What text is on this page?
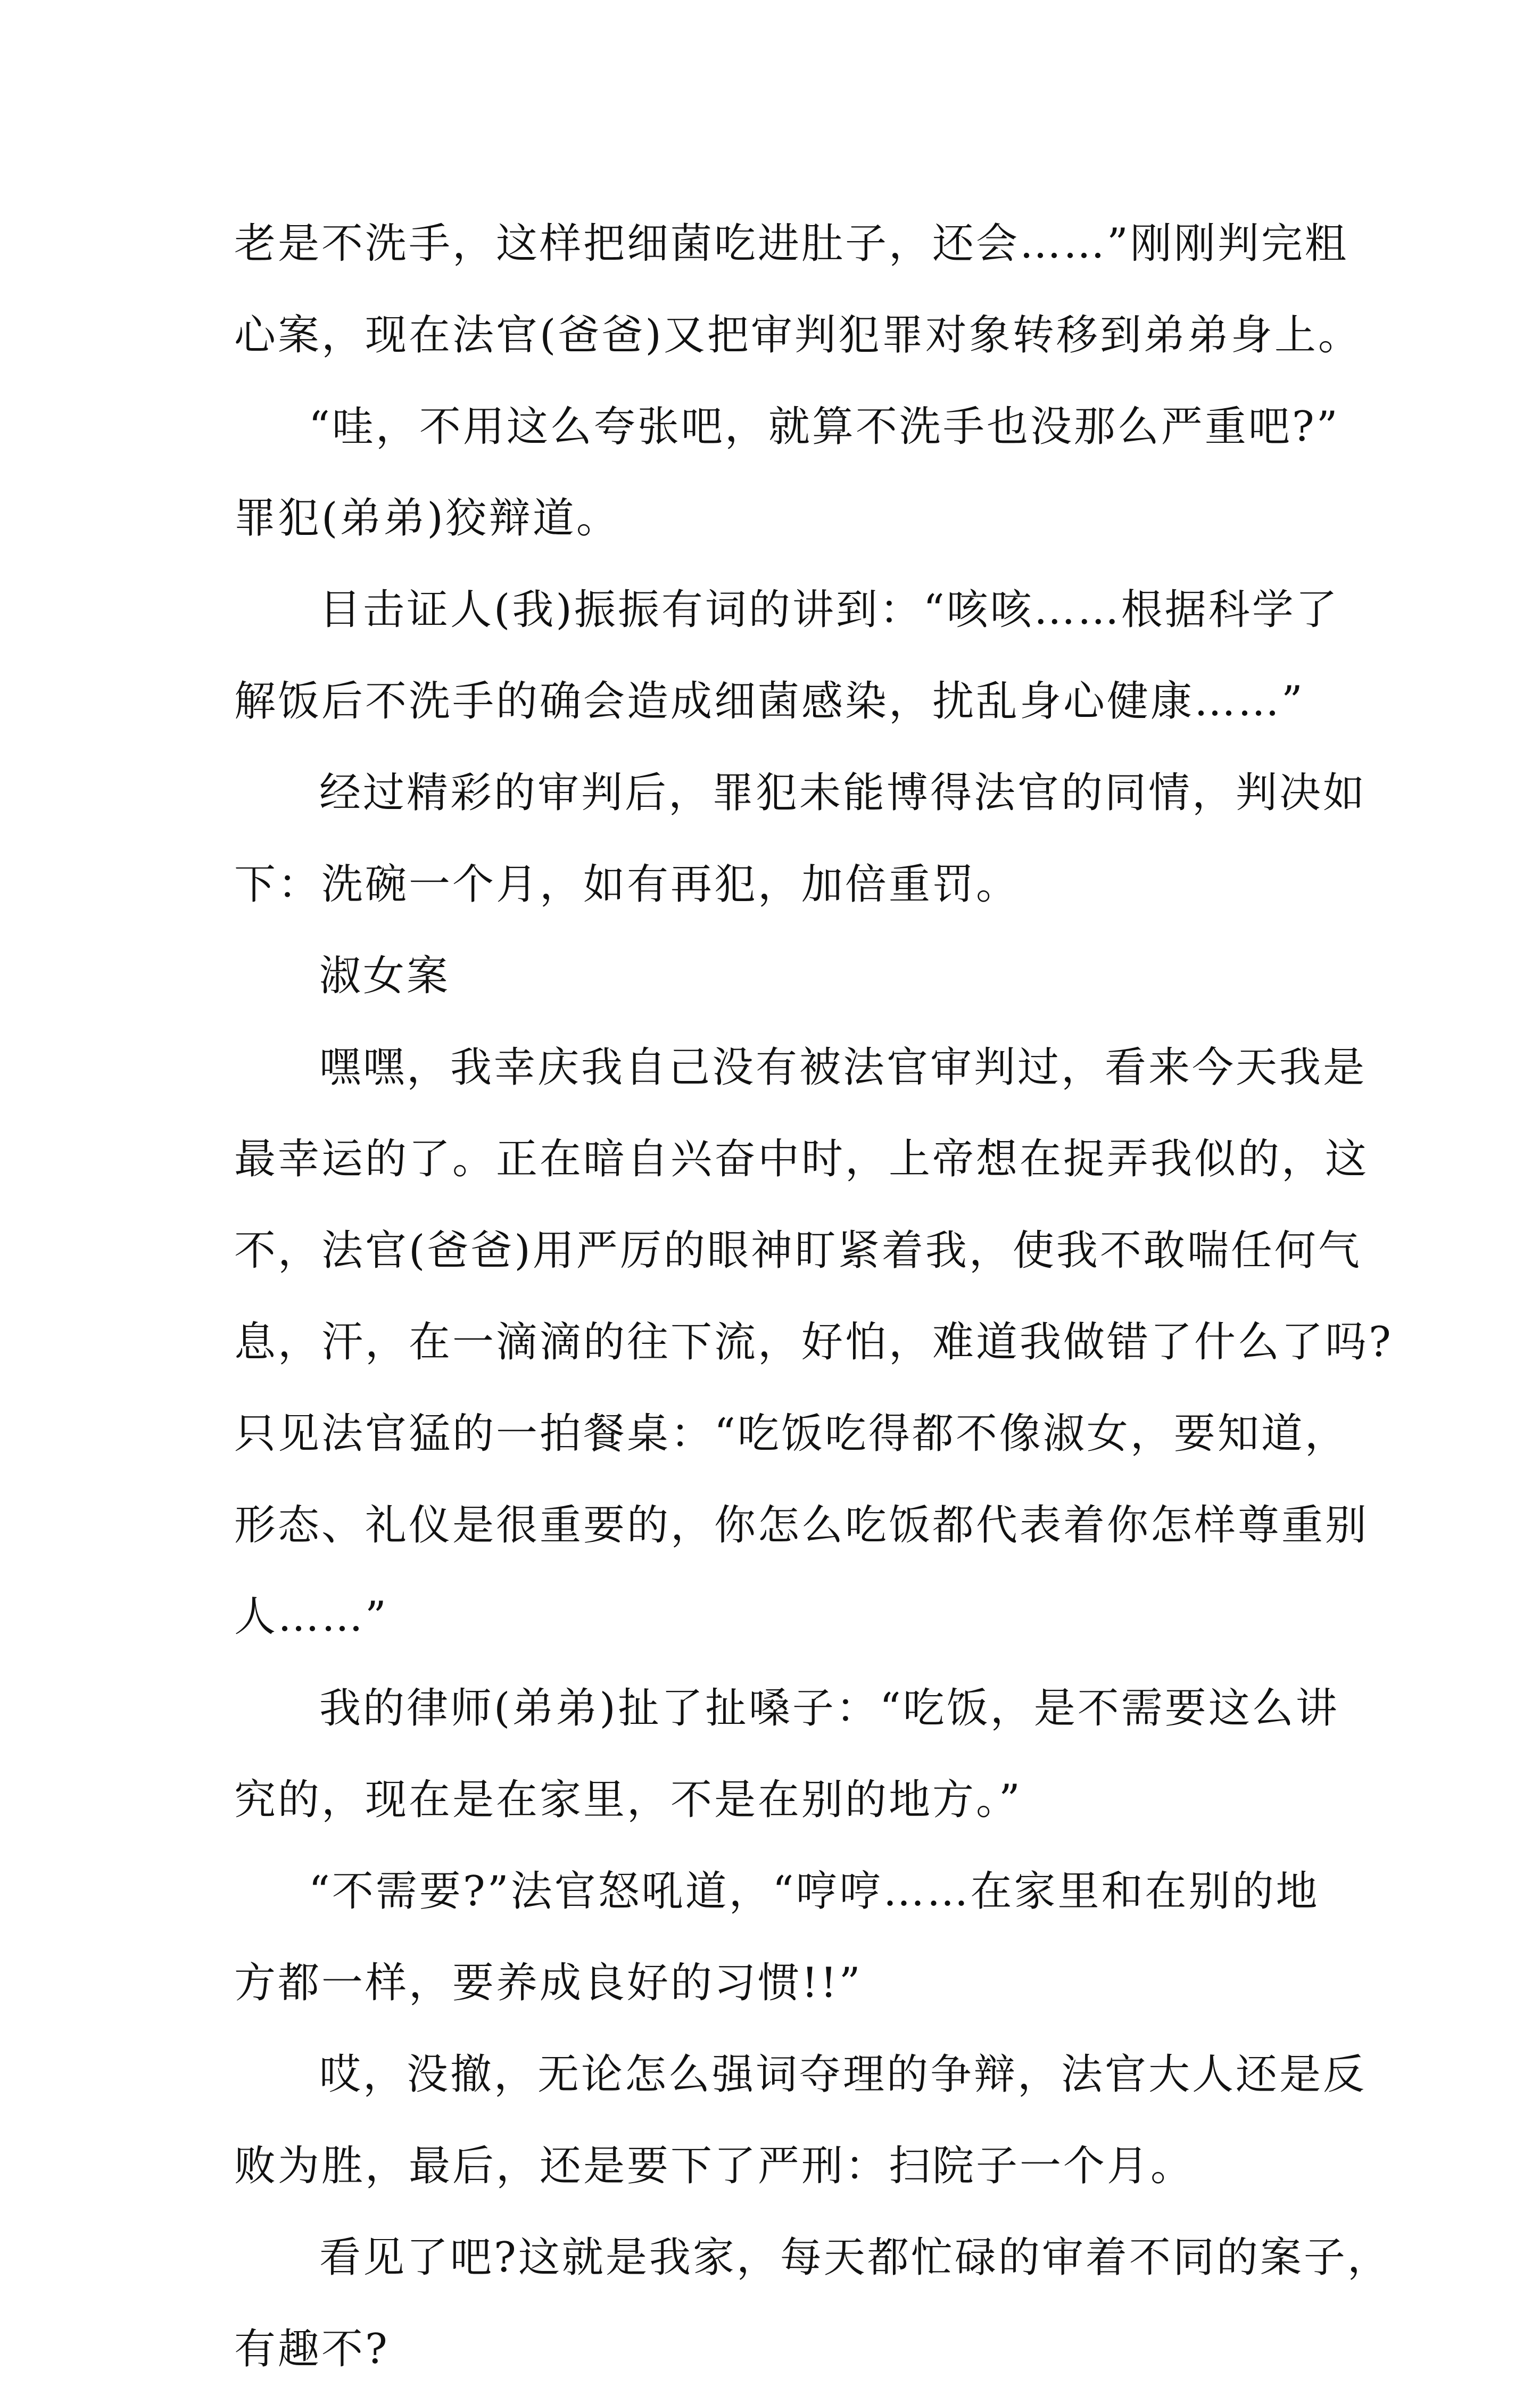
老是不洗手，这样把细菌吃进肚子，还会……”刚刚判完粗
心案，现在法官(爸爸)又把审判犯罪对象转移到弟弟身上。
“哇，不用这么夸张吧，就算不洗手也没那么严重吧?”
罪犯(弟弟)狡辩道。
目击证人(我)振振有词的讲到：“咳咳……根据科学了
解饭后不洗手的确会造成细菌感染，扰乱身心健康……”
经过精彩的审判后，罪犯未能博得法官的同情，判决如
下：洗碗一个月，如有再犯，加倍重罚。
淑女案
嘿嘿，我幸庆我自己没有被法官审判过，看来今天我是
最幸运的了。正在暗自兴奋中时，上帝想在捉弄我似的，这
不，法官(爸爸)用严厉的眼神盯紧着我，使我不敢喘任何气
息，汗，在一滴滴的往下流，好怕，难道我做错了什么了吗?
只见法官猛的一拍餐桌：“吃饭吃得都不像淑女，要知道，
形态、礼仪是很重要的，你怎么吃饭都代表着你怎样尊重别
人……”
我的律师(弟弟)扯了扯嗓子：“吃饭，是不需要这么讲
究的，现在是在家里，不是在别的地方。”
“不需要?”法官怒吼道，“哼哼……在家里和在别的地
方都一样，要养成良好的习惯!!”
哎，没撤，无论怎么强词夺理的争辩，法官大人还是反
败为胜，最后，还是要下了严刑：扫院子一个月。
看见了吧?这就是我家，每天都忙碌的审着不同的案子，
有趣不?
